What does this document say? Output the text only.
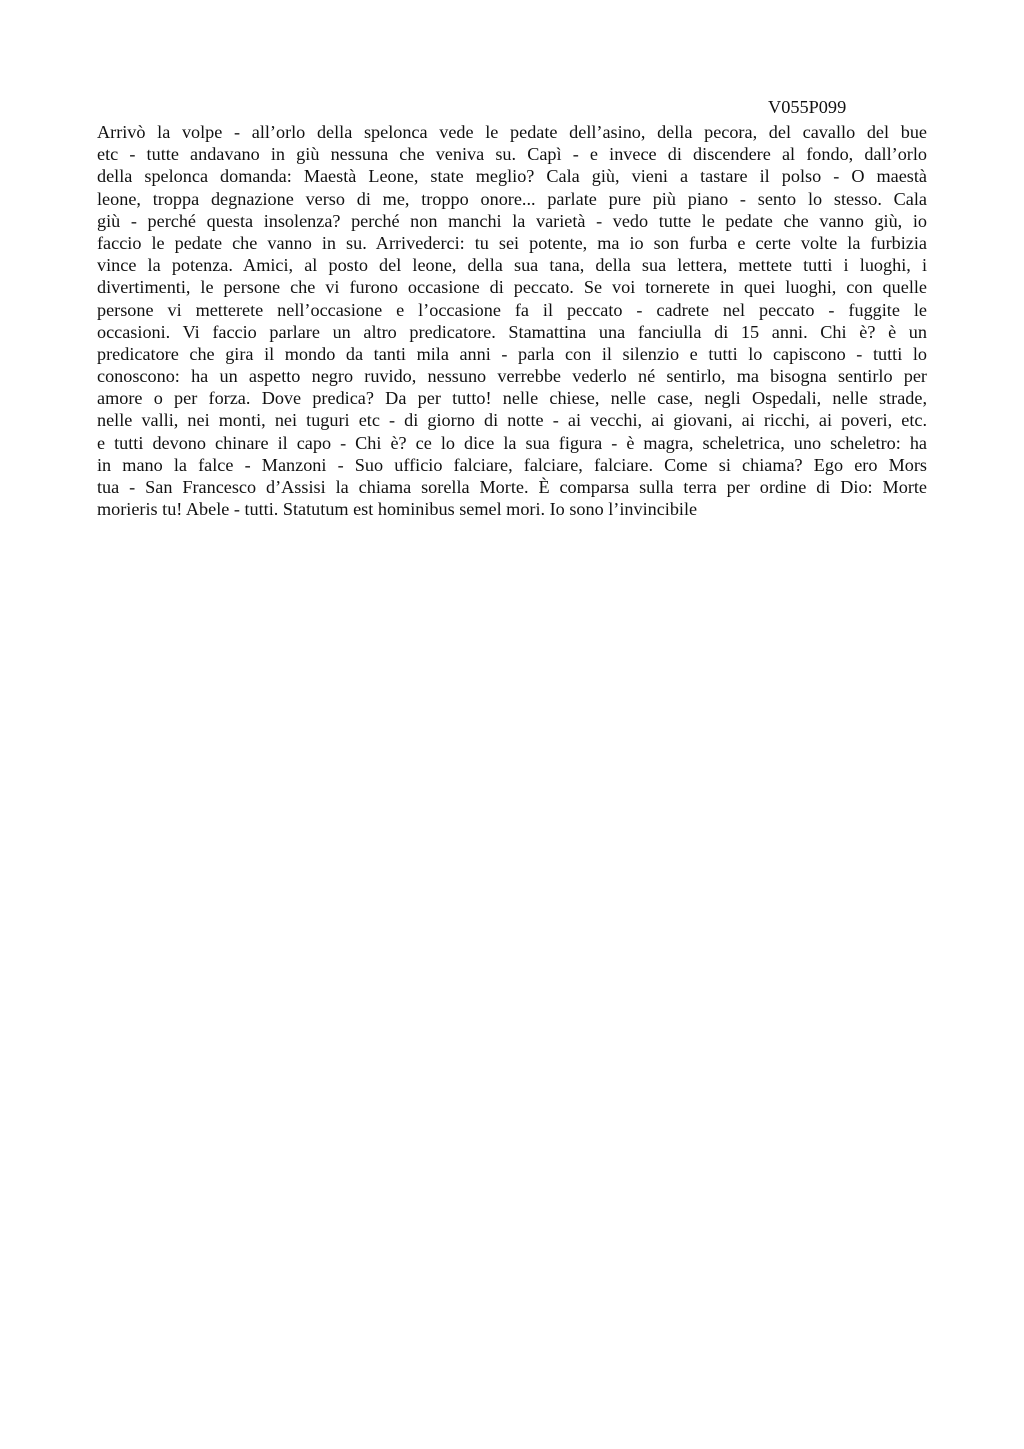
V055P099
Arrivò la volpe - all’orlo della spelonca vede le pedate dell’asino, della pecora, del cavallo del bue
etc - tutte andavano in giù nessuna che veniva su. Capì - e invece di discendere al fondo, dall’orlo
della spelonca domanda: Maestà Leone, state meglio? Cala giù, vieni a tastare il polso - O maestà
leone, troppa degnazione verso di me, troppo onore... parlate pure più piano - sento lo stesso. Cala
giù - perché questa insolenza? perché non manchi la varietà - vedo tutte le pedate che vanno giù, io
faccio le pedate che vanno in su. Arrivederci: tu sei potente, ma io son furba e certe volte la furbizia
vince la potenza. Amici, al posto del leone, della sua tana, della sua lettera, mettete tutti i luoghi, i
divertimenti, le persone che vi furono occasione di peccato. Se voi tornerete in quei luoghi, con quelle
persone vi metterete nell’occasione e l’occasione fa il peccato - cadrete nel peccato - fuggite le
occasioni. Vi faccio parlare un altro predicatore. Stamattina una fanciulla di 15 anni. Chi è? è un
predicatore che gira il mondo da tanti mila anni - parla con il silenzio e tutti lo capiscono - tutti lo
conoscono: ha un aspetto negro ruvido, nessuno verrebbe vederlo né sentirlo, ma bisogna sentirlo per
amore o per forza. Dove predica? Da per tutto! nelle chiese, nelle case, negli Ospedali, nelle strade,
nelle valli, nei monti, nei tuguri etc - di giorno di notte - ai vecchi, ai giovani, ai ricchi, ai poveri, etc.
e tutti devono chinare il capo - Chi è? ce lo dice la sua figura - è magra, scheletrica, uno scheletro: ha
in mano la falce - Manzoni - Suo ufficio falciare, falciare, falciare. Come si chiama? Ego ero Mors
tua - San Francesco d’Assisi la chiama sorella Morte. È comparsa sulla terra per ordine di Dio: Morte
morieris tu! Abele - tutti. Statutum est hominibus semel mori. Io sono l’invincibile
